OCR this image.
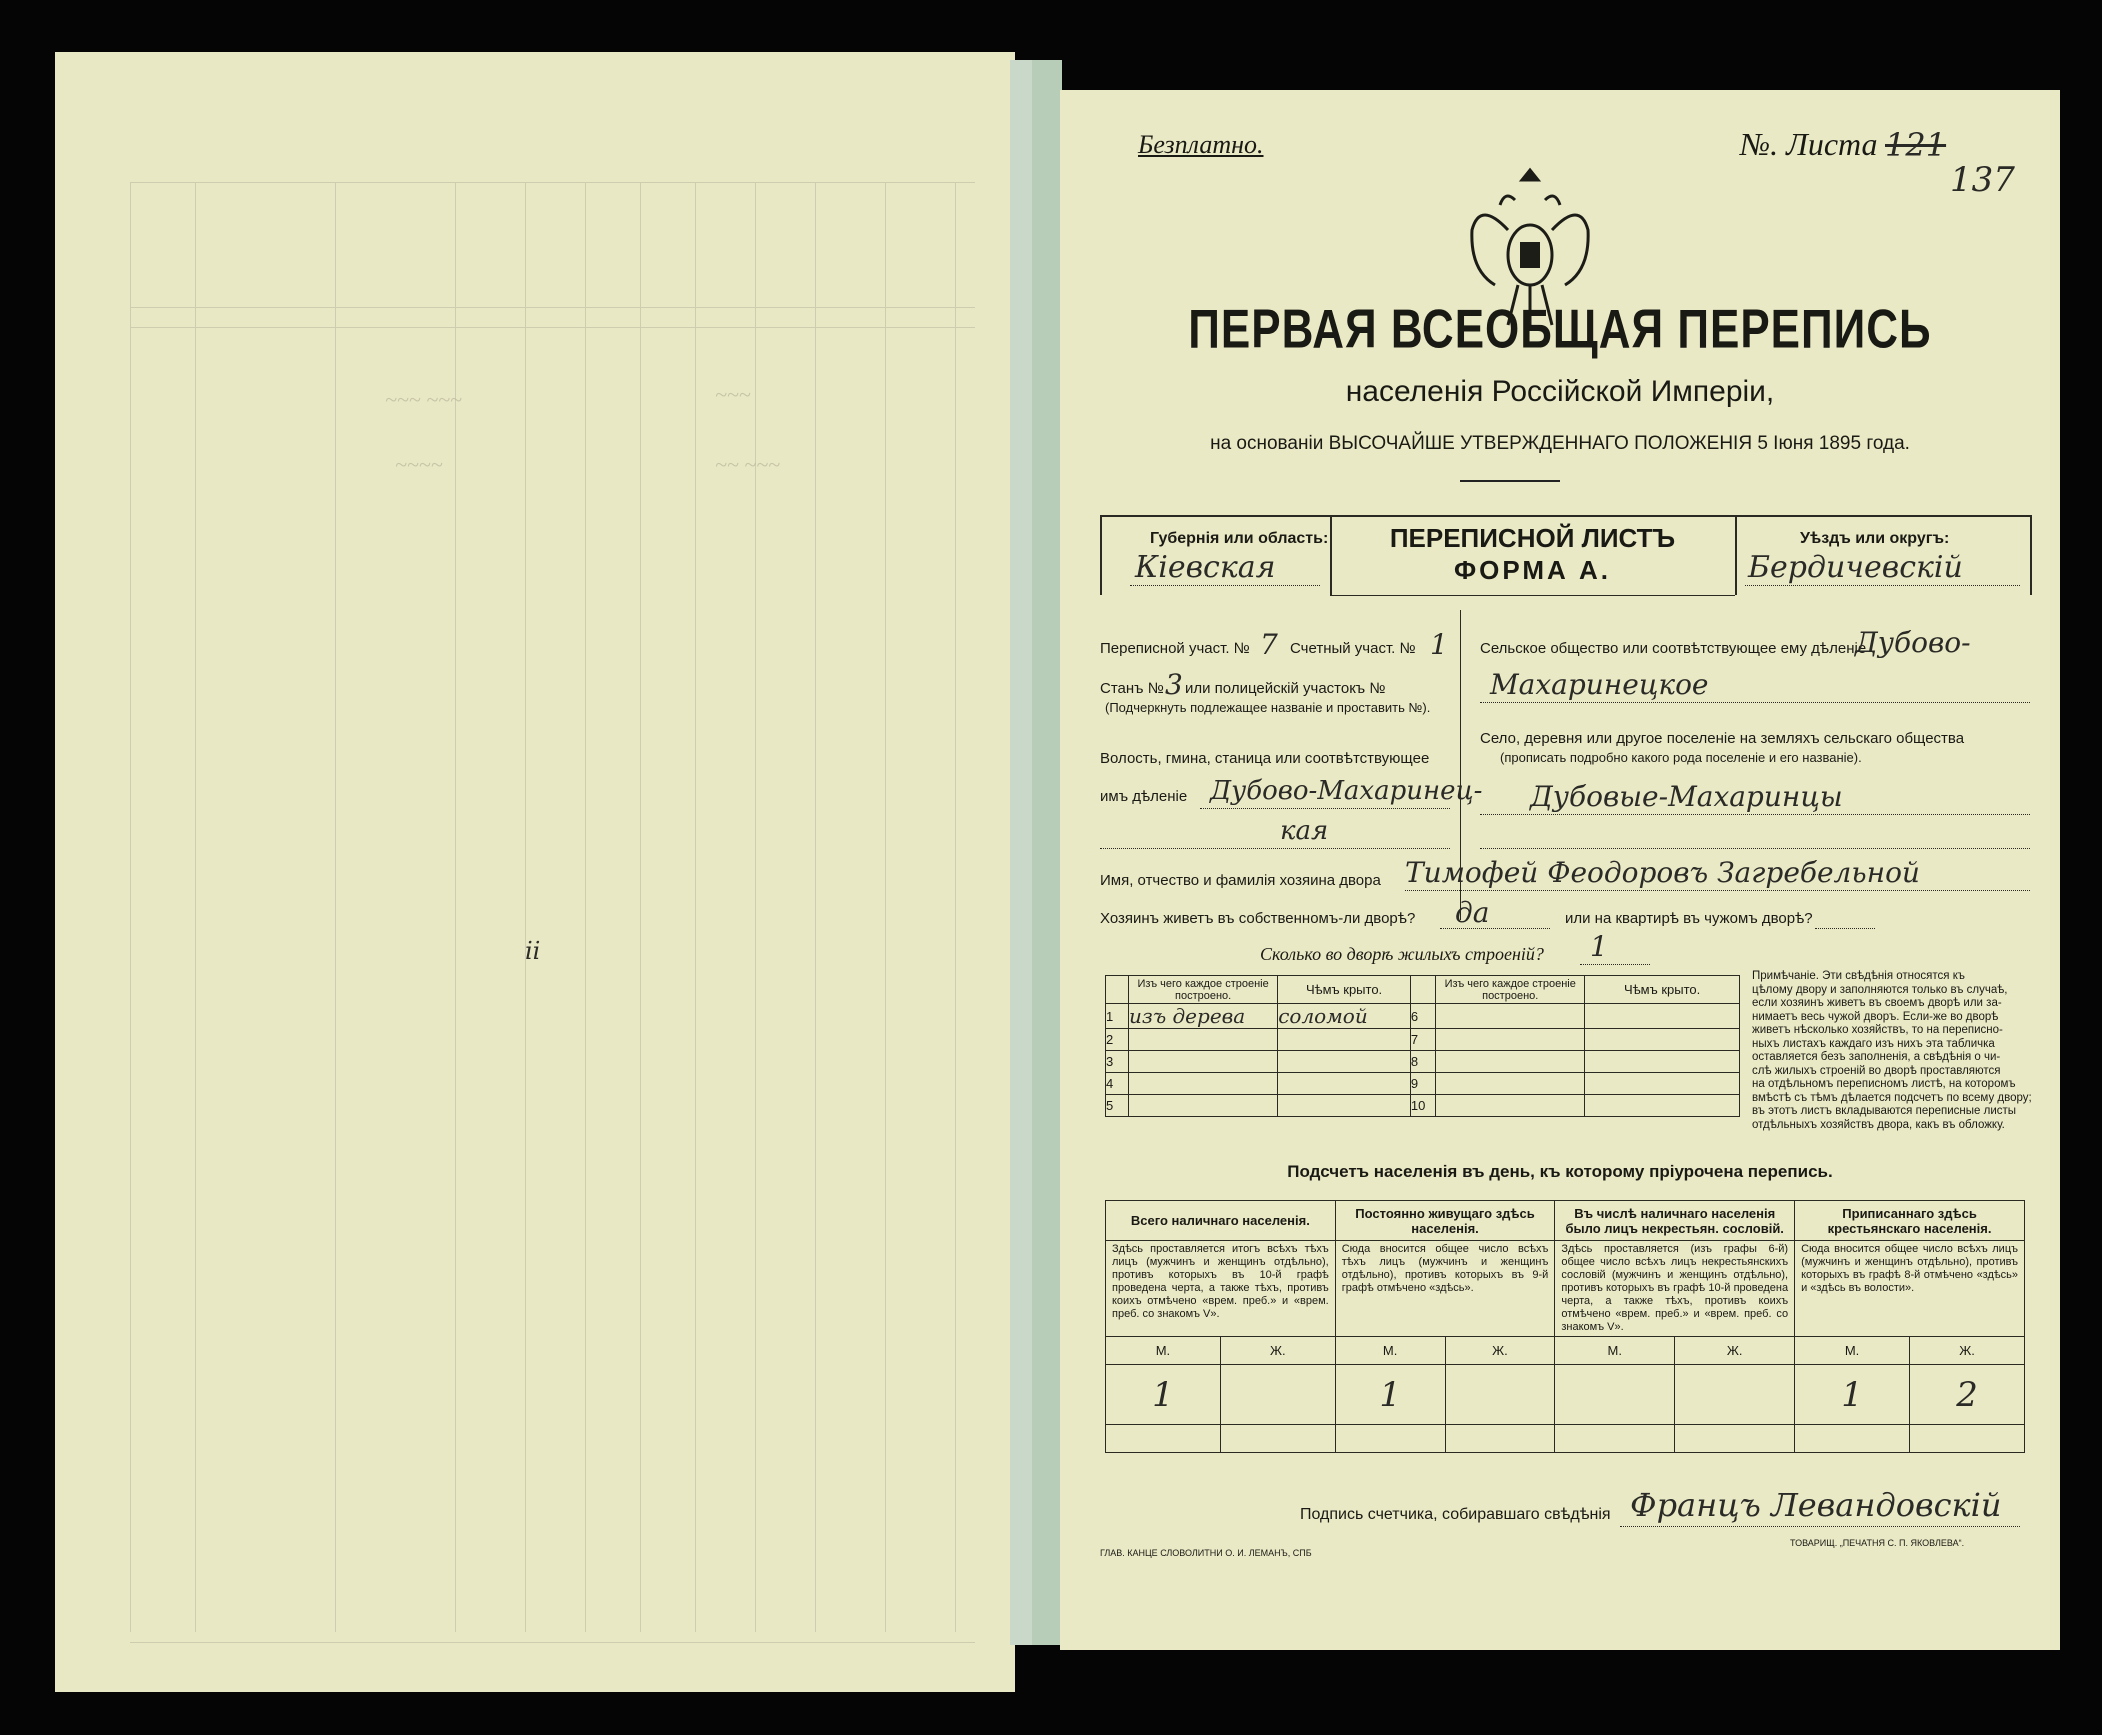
~~~ ~~~
~~~~
~~~
~~ ~~~
іі
Безплатно.	№. Листа 121
137
ПЕРВАЯ ВСЕОБЩАЯ ПЕРЕПИСЬ
населенія Россійской Имперіи,
на основаніи ВЫСОЧАЙШЕ УТВЕРЖДЕННАГО ПОЛОЖЕНІЯ 5 Іюня 1895 года.
Губернія или область:
Кіевская
ПЕРЕПИСНОЙ ЛИСТЪ
ФОРМА А.
Уѣздъ или округъ:
Бердичевскій
Переписной участ. № 7 Счетный участ. № 1
Станъ № 3 или полицейскій участокъ №
(Подчеркнуть подлежащее названіе и проставить №).
Волость, гмина, станица или соотвѣтствующее
имъ дѣленіе Дубово-Махаринец-
кая
Сельское общество или соотвѣтствующее ему дѣленіе
Дубово-
Махаринецкое
Село, деревня или другое поселеніе на земляхъ сельскаго общества
(прописать подробно какого рода поселеніе и его названіе).
Дубовые-Махаринцы
Имя, отчество и фамилія хозяина двора Тимофей Феодоровъ Загребельной
Хозяинъ живетъ въ собственномъ-ли дворѣ? да	или на квартирѣ въ чужомъ дворѣ?
Сколько во дворѣ жилыхъ строеній? 1
	Изъ чего каждое строеніе построено.	Чѣмъ крыто.		Изъ чего каждое строеніе построено.	Чѣмъ крыто.
1	изъ дерева	соломой	6		
2			7		
3			8		
4			9		
5			10		
Примѣчаніе. Эти свѣдѣнія относятся къ
цѣлому двору и заполняются только въ случаѣ,
если хозяинъ живетъ въ своемъ дворѣ или за-
нимаетъ весь чужой дворъ. Если-же во дворѣ
живетъ нѣсколько хозяйствъ, то на переписно-
ныхъ листахъ каждаго изъ нихъ эта табличка
оставляется безъ заполненія, а свѣдѣнія о чи-
слѣ жилыхъ строеній во дворѣ проставляются
на отдѣльномъ переписномъ листѣ, на которомъ
вмѣстѣ съ тѣмъ дѣлается подсчетъ по всему двору;
въ этотъ листъ вкладываются переписные листы
отдѣльныхъ хозяйствъ двора, какъ въ обложку.
Подсчетъ населенія въ день, къ которому пріурочена перепись.
Всего наличнаго населенія.		Постоянно живущаго здѣсь населенія.		Въ числѣ наличнаго населенія было лицъ некрестьян. сословій.		Приписаннаго здѣсь крестьянскаго населенія.	
Здѣсь проставляется итогъ всѣхъ тѣхъ лицъ (мужчинъ и женщинъ отдѣльно), противъ которыхъ въ 10-й графѣ проведена черта, а также тѣхъ, противъ коихъ отмѣчено «врем. преб.» и «врем. преб. со знакомъ V».		Сюда вносится общее число всѣхъ тѣхъ лицъ (мужчинъ и женщинъ отдѣльно), противъ которыхъ въ 9-й графѣ отмѣчено «здѣсь».		Здѣсь проставляется (изъ графы 6-й) общее число всѣхъ лицъ некрестьянскихъ сословій (мужчинъ и женщинъ отдѣльно), противъ которыхъ въ графѣ 10-й проведена черта, а также тѣхъ, противъ коихъ отмѣчено «врем. преб.» и «врем. преб. со знакомъ V».		Сюда вносится общее число всѣхъ лицъ (мужчинъ и женщинъ отдѣльно), противъ которыхъ въ графѣ 8-й отмѣчено «здѣсь» и «здѣсь въ волости».	
М.	Ж.	М.	Ж.	М.	Ж.	М.	Ж.
1		1				1	2

Подпись счетчика, собиравшаго свѣдѣнія Францъ Левандовскій
ГЛАВ. КАНЦЕ СЛОВОЛИТНИ О. И. ЛЕМАНЪ, СПБ
ТОВАРИЩ. „ПЕЧАТНЯ С. П. ЯКОВЛЕВА“.
